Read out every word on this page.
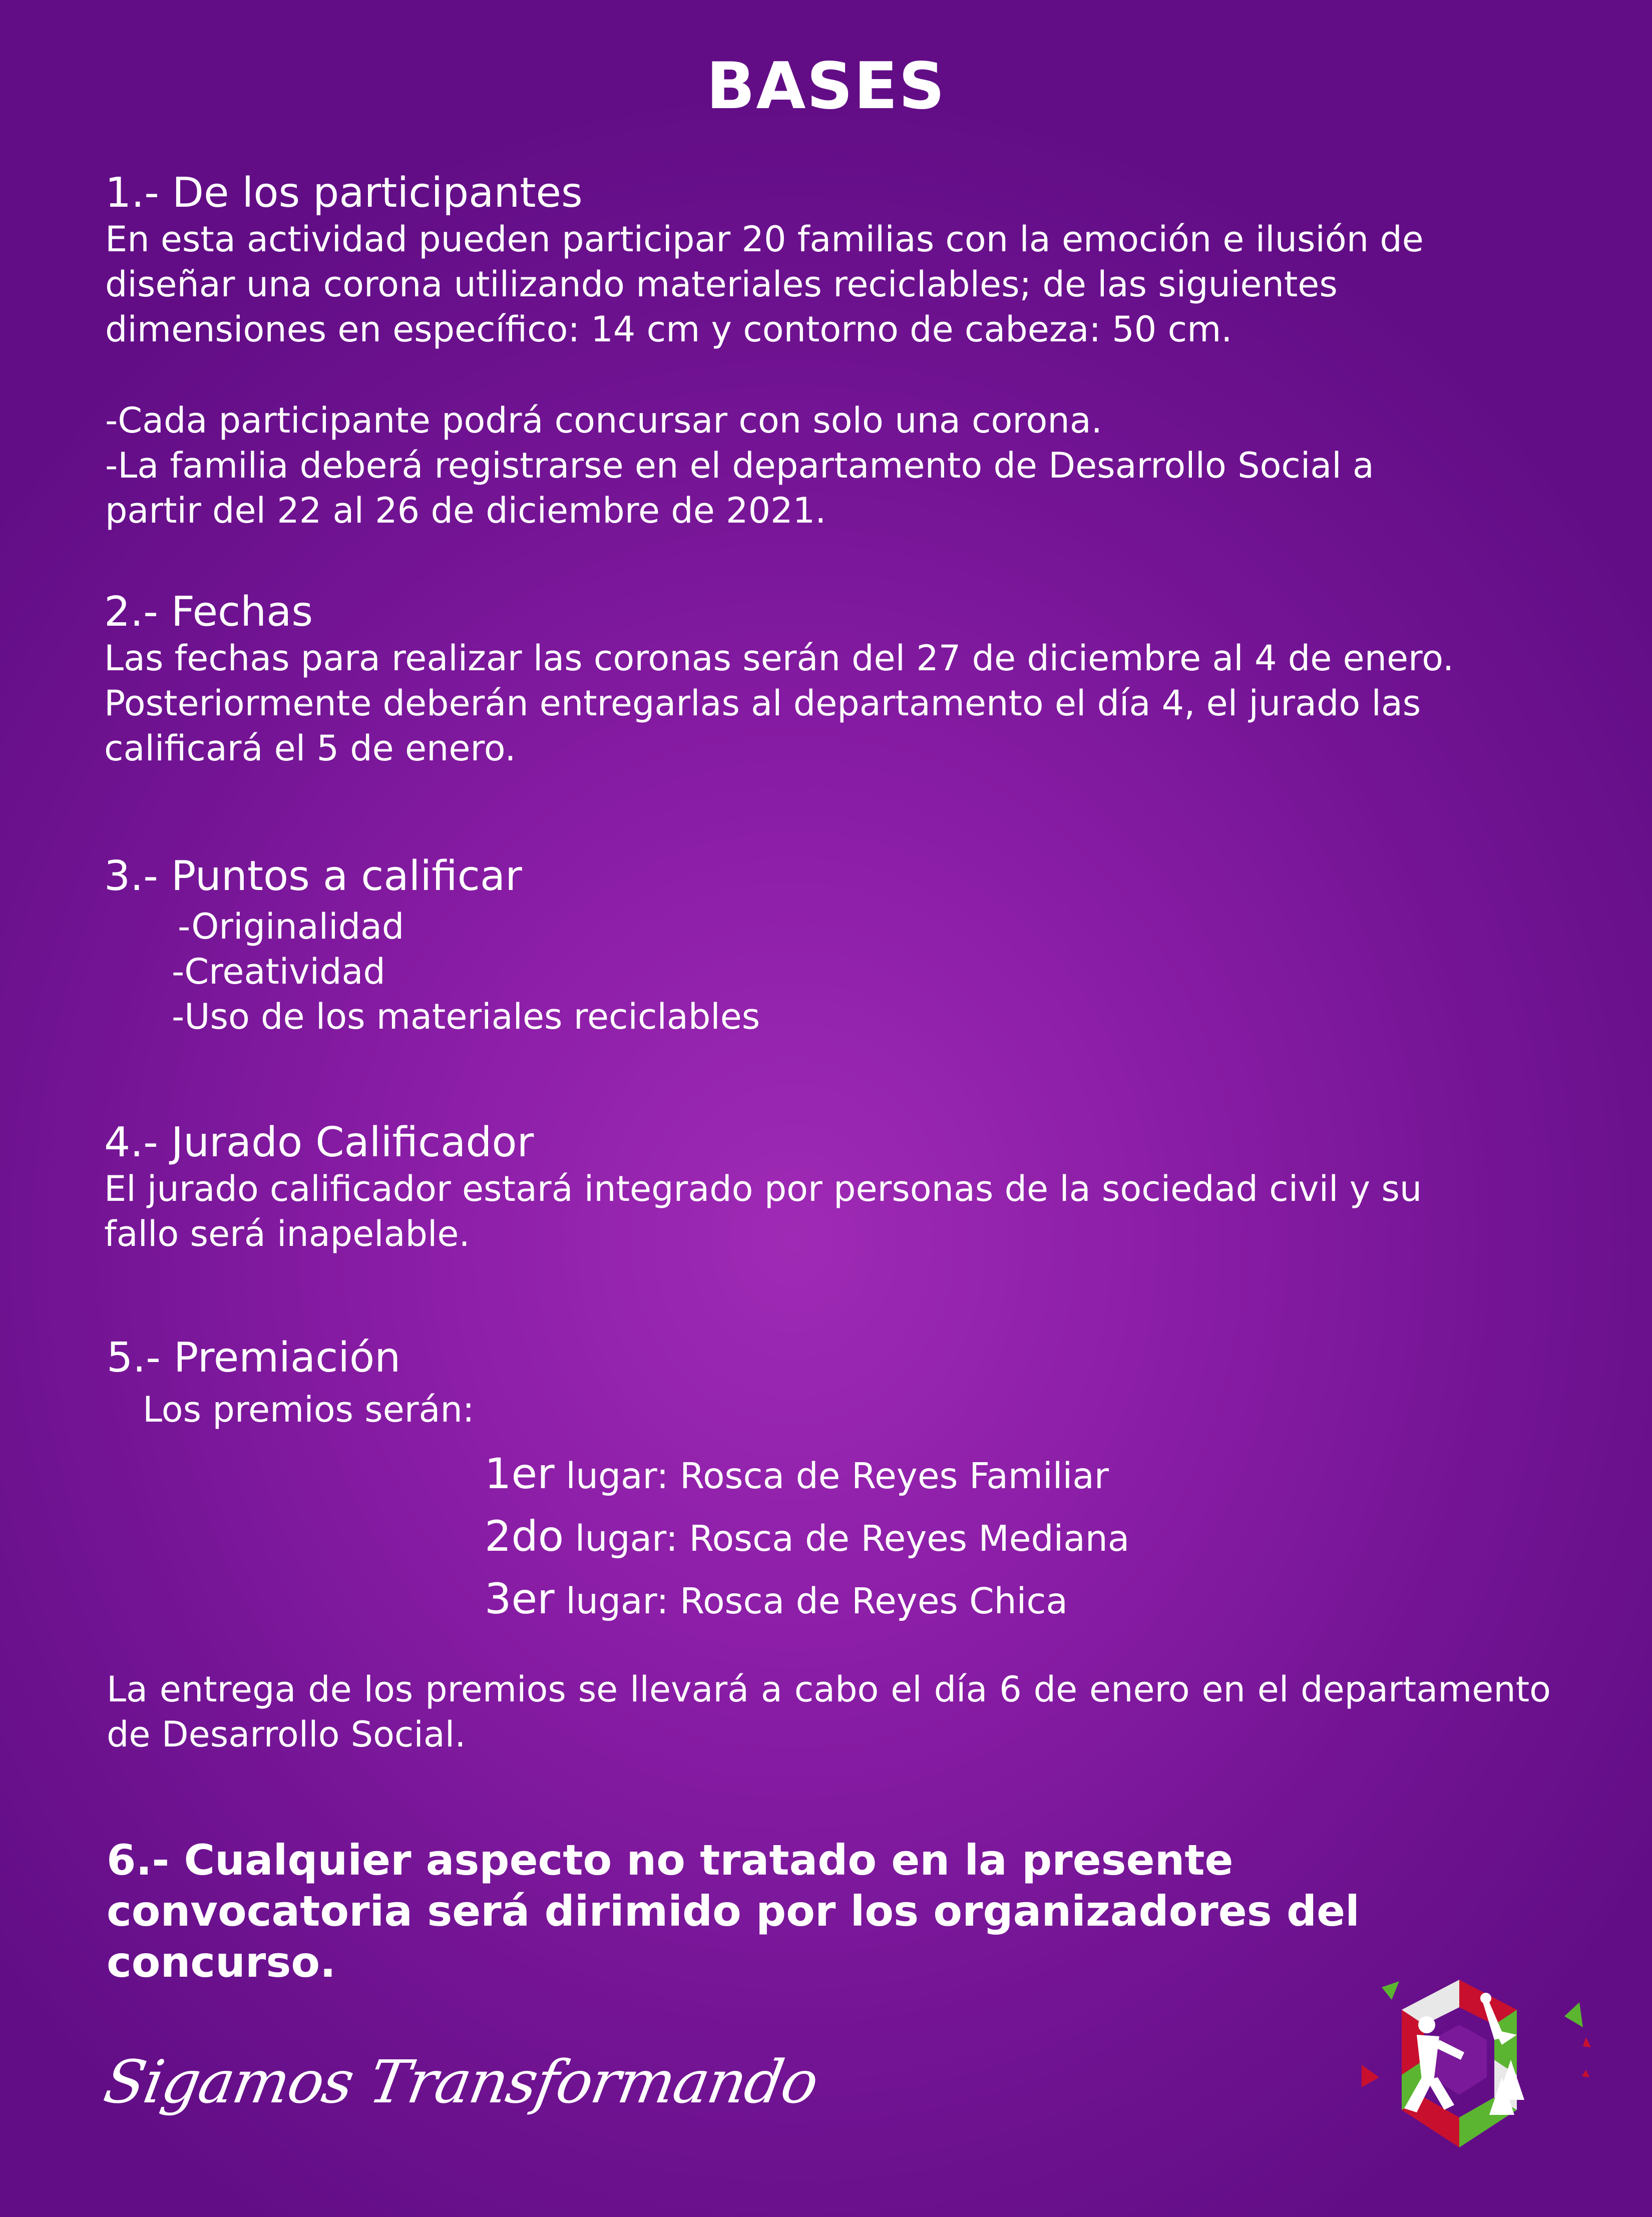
BASES
1.- De los participantes
En esta actividad pueden participar 20 familias con la emoción e ilusión de
diseñar una corona utilizando materiales reciclables; de las siguientes
dimensiones en específico: 14 cm y contorno de cabeza: 50 cm.
-Cada participante podrá concursar con solo una corona.
-La familia deberá registrarse en el departamento de Desarrollo Social a
partir del 22 al 26 de diciembre de 2021.
2.- Fechas
Las fechas para realizar las coronas serán del 27 de diciembre al 4 de enero.
Posteriormente deberán entregarlas al departamento el día 4, el jurado las
calificará el 5 de enero.
3.- Puntos a calificar
-Originalidad
-Creatividad
-Uso de los materiales reciclables
4.- Jurado Calificador
El jurado calificador estará integrado por personas de la sociedad civil y su
fallo será inapelable.
5.- Premiación
Los premios serán:
1er lugar: Rosca de Reyes Familiar
2do lugar: Rosca de Reyes Mediana
3er lugar: Rosca de Reyes Chica
La entrega de los premios se llevará a cabo el día 6 de enero en el departamento de Desarrollo Social.
6.- Cualquier aspecto no tratado en la presente convocatoria será dirimido por los organizadores del concurso.
Sigamos Transformando
